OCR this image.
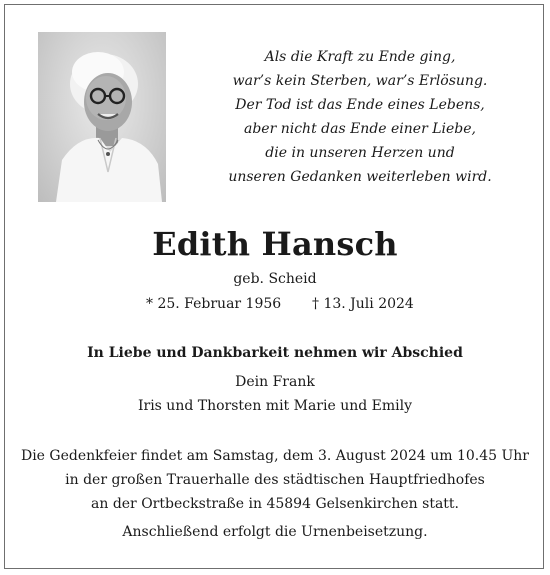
Als die Kraft zu Ende ging,
war’s kein Sterben, war’s Erlösung.
Der Tod ist das Ende eines Lebens,
aber nicht das Ende einer Liebe,
die in unseren Herzen und
unseren Gedanken weiterleben wird.
Edith Hansch
geb. Scheid
* 25. Februar 1956 † 13. Juli 2024
In Liebe und Dankbarkeit nehmen wir Abschied
Dein Frank
Iris und Thorsten mit Marie und Emily
Die Gedenkfeier findet am Samstag, dem 3. August 2024 um 10.45 Uhr
in der großen Trauerhalle des städtischen Hauptfriedhofes
an der Ortbeckstraße in 45894 Gelsenkirchen statt.
Anschließend erfolgt die Urnenbeisetzung.
